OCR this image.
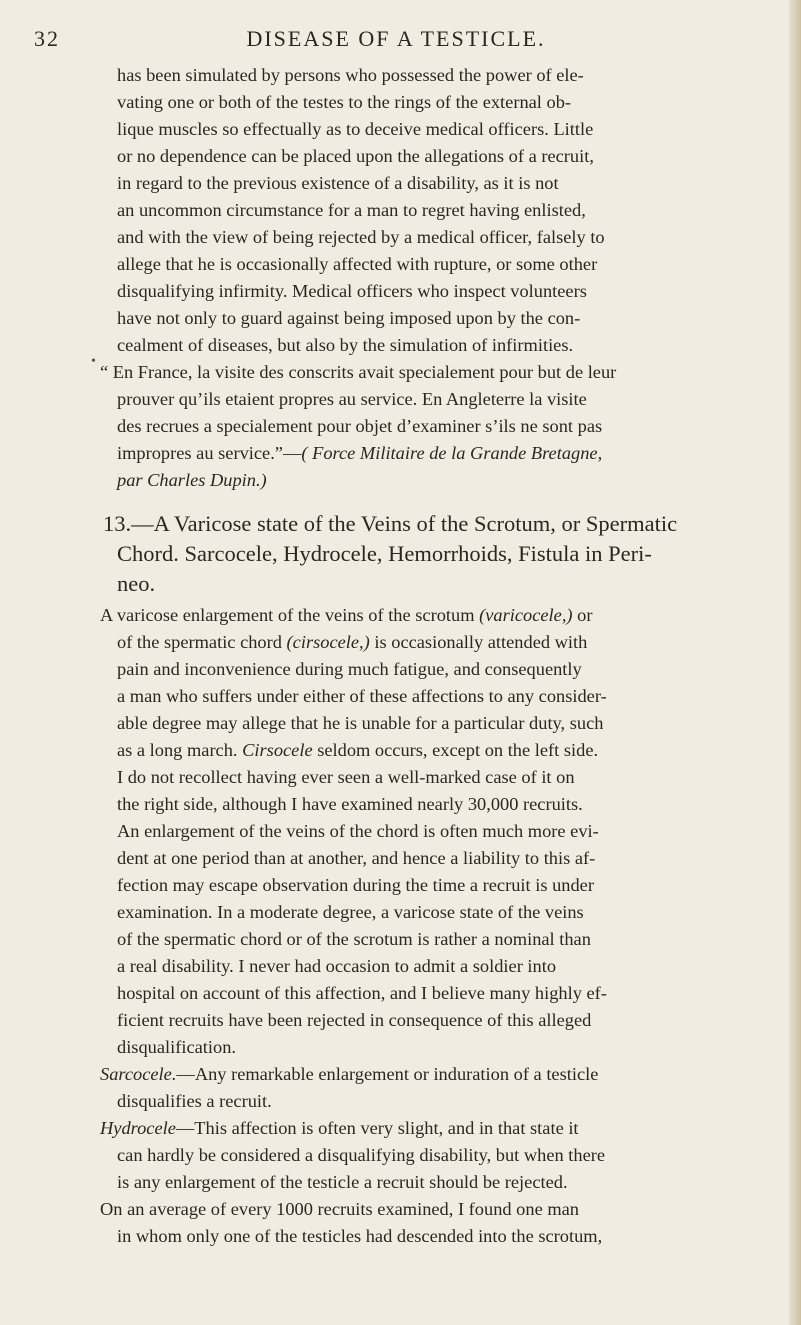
32	DISEASE OF A TESTICLE.
has been simulated by persons who possessed the power of ele-
vating one or both of the testes to the rings of the external ob-
lique muscles so effectually as to deceive medical officers. Little
or no dependence can be placed upon the allegations of a recruit,
in regard to the previous existence of a disability, as it is not
an uncommon circumstance for a man to regret having enlisted,
and with the view of being rejected by a medical officer, falsely to
allege that he is occasionally affected with rupture, or some other
disqualifying infirmity. Medical officers who inspect volunteers
have not only to guard against being imposed upon by the con-
•
cealment of diseases, but also by the simulation of infirmities.
“ En France, la visite des conscrits avait specialement pour but de leur
prouver qu’ils etaient propres au service. En Angleterre la visite
des recrues a specialement pour objet d’examiner s’ils ne sont pas
impropres au service.”—( Force Militaire de la Grande Bretagne,
par Charles Dupin.)
13.—A Varicose state of the Veins of the Scrotum, or Spermatic
Chord. Sarcocele, Hydrocele, Hemorrhoids, Fistula in Peri-
neo.
A varicose enlargement of the veins of the scrotum (varicocele,) or
of the spermatic chord (cirsocele,) is occasionally attended with
pain and inconvenience during much fatigue, and consequently
a man who suffers under either of these affections to any consider-
able degree may allege that he is unable for a particular duty, such
as a long march. Cirsocele seldom occurs, except on the left side.
I do not recollect having ever seen a well-marked case of it on
the right side, although I have examined nearly 30,000 recruits.
An enlargement of the veins of the chord is often much more evi-
dent at one period than at another, and hence a liability to this af-
fection may escape observation during the time a recruit is under
examination. In a moderate degree, a varicose state of the veins
of the spermatic chord or of the scrotum is rather a nominal than
a real disability. I never had occasion to admit a soldier into
hospital on account of this affection, and I believe many highly ef-
ficient recruits have been rejected in consequence of this alleged
disqualification.
Sarcocele.—Any remarkable enlargement or induration of a testicle
disqualifies a recruit.
Hydrocele—This affection is often very slight, and in that state it
can hardly be considered a disqualifying disability, but when there
is any enlargement of the testicle a recruit should be rejected.
On an average of every 1000 recruits examined, I found one man
in whom only one of the testicles had descended into the scrotum,
